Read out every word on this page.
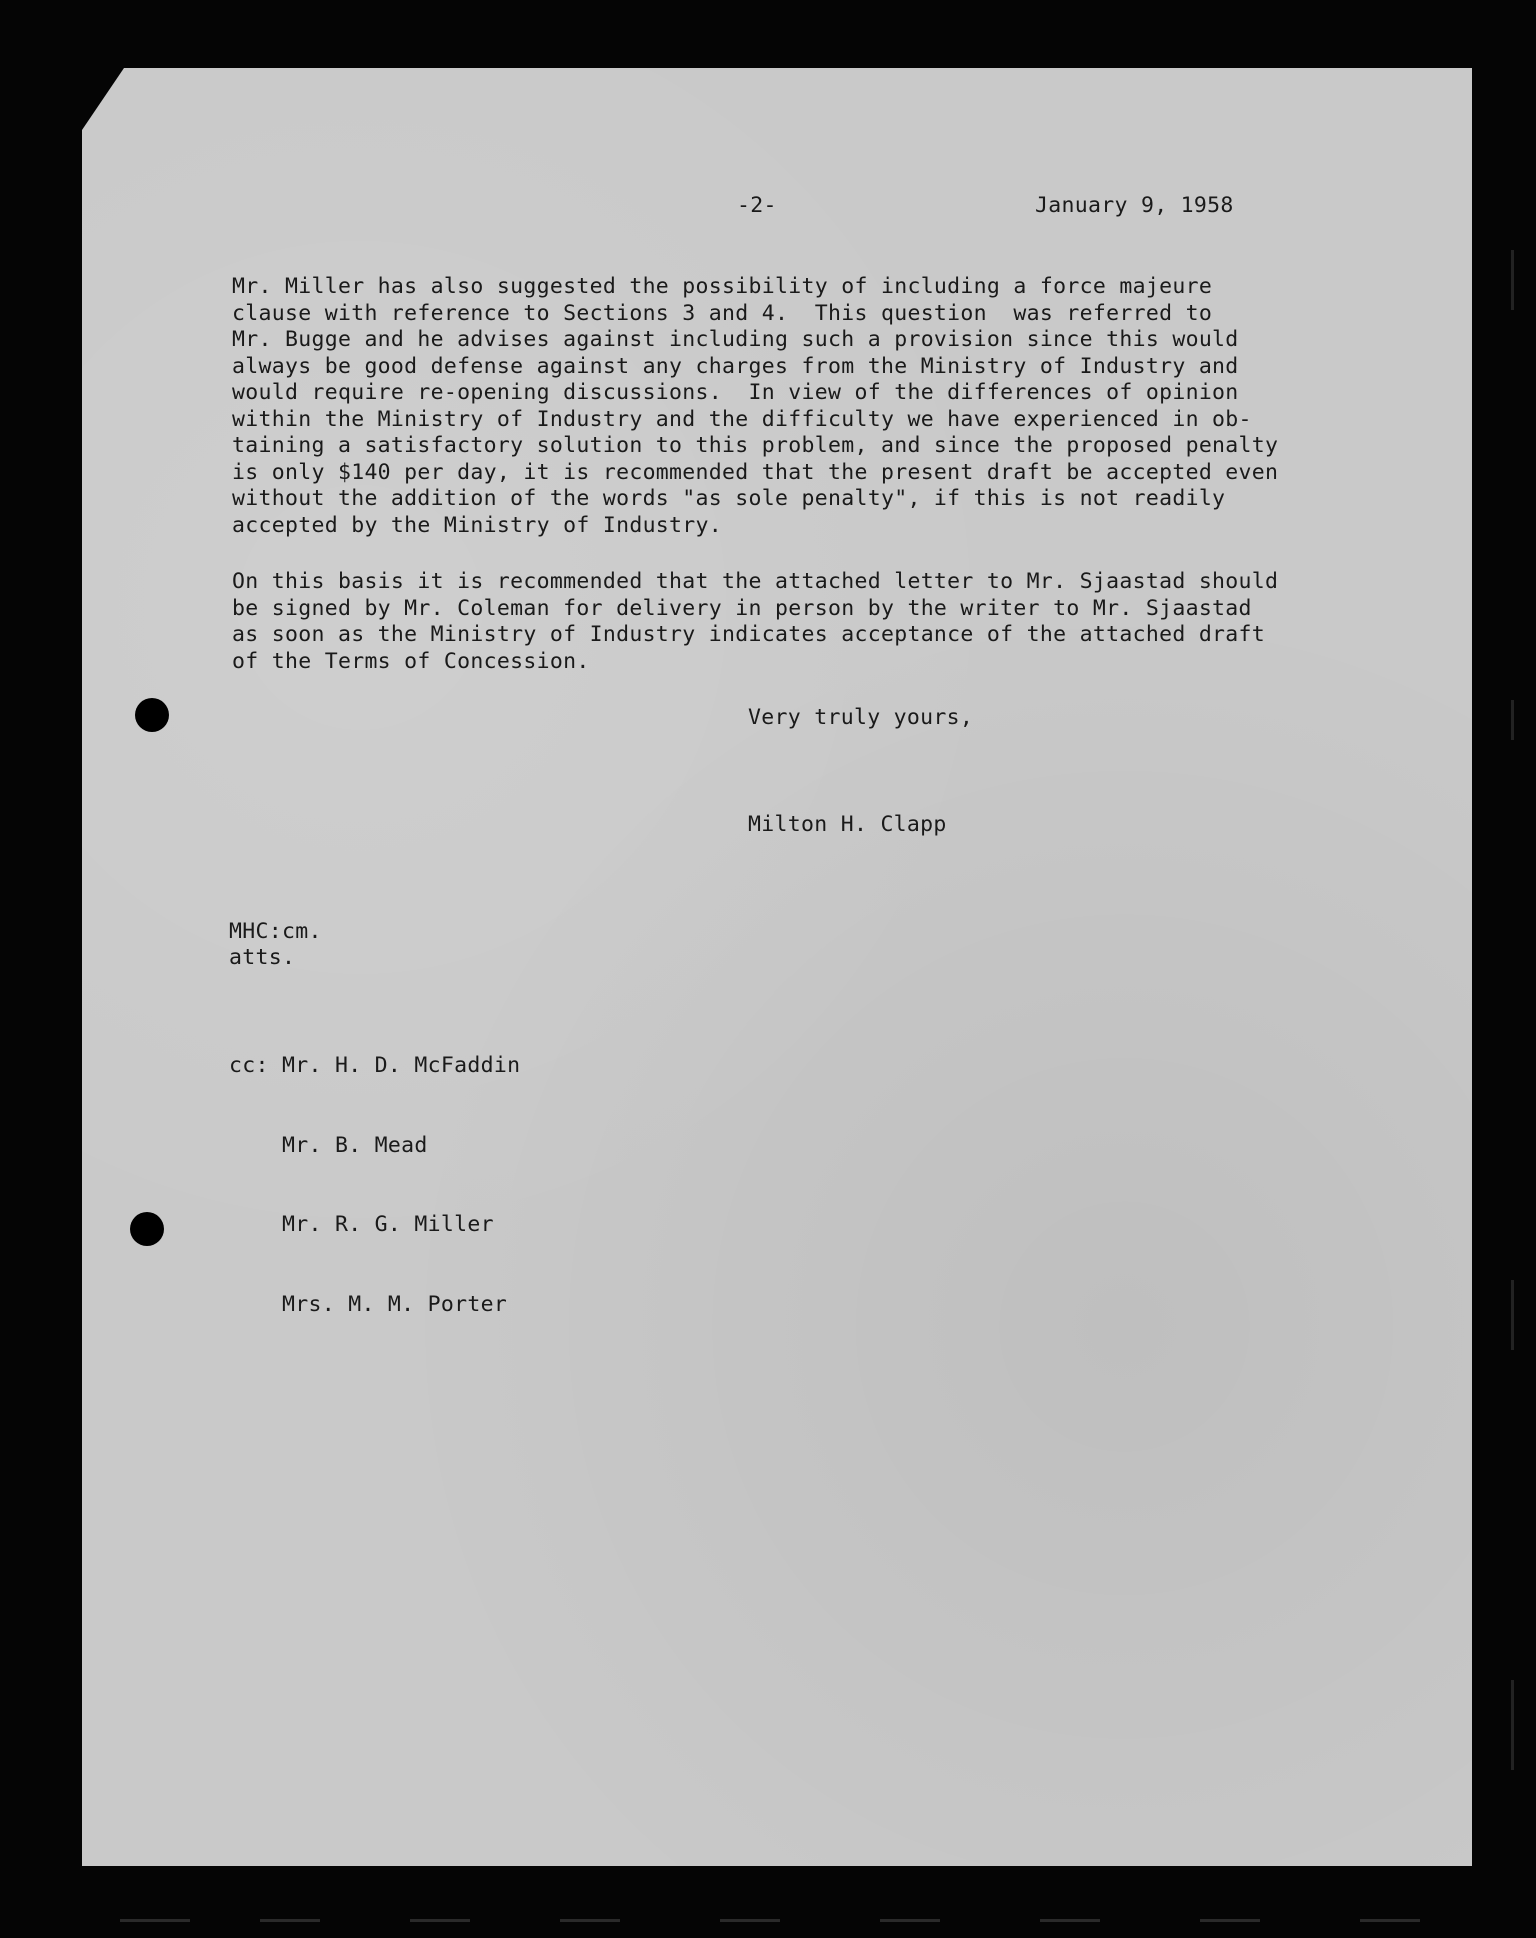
-2-	January 9, 1958
Mr. Miller has also suggested the possibility of including a force majeure
clause with reference to Sections 3 and 4.  This question  was referred to
Mr. Bugge and he advises against including such a provision since this would
always be good defense against any charges from the Ministry of Industry and
would require re-opening discussions.  In view of the differences of opinion
within the Ministry of Industry and the difficulty we have experienced in ob-
taining a satisfactory solution to this problem, and since the proposed penalty
is only $140 per day, it is recommended that the present draft be accepted even
without the addition of the words "as sole penalty", if this is not readily
accepted by the Ministry of Industry.
On this basis it is recommended that the attached letter to Mr. Sjaastad should
be signed by Mr. Coleman for delivery in person by the writer to Mr. Sjaastad
as soon as the Ministry of Industry indicates acceptance of the attached draft
of the Terms of Concession.
Very truly yours,
Milton H. Clapp
MHC:cm.
atts.

cc: Mr. H. D. McFaddin

Mr. B. Mead

Mr. R. G. Miller

Mrs. M. M. Porter
